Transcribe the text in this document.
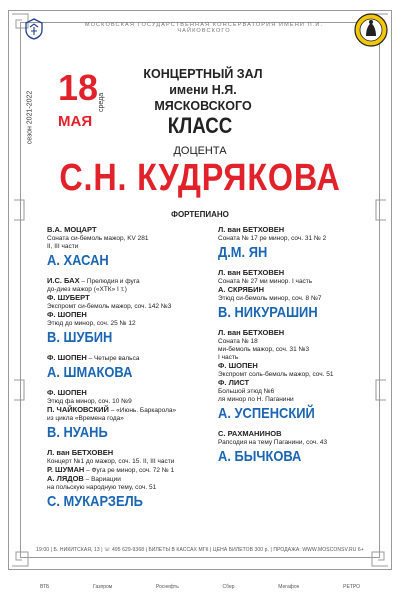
МОСКОВСКАЯ ГОСУДАРСТВЕННАЯ КОНСЕРВАТОРИЯ ИМЕНИ П.И. ЧАЙКОВСКОГО
сезон 2021-2022
18
МАЯ
среда
КОНЦЕРТНЫЙ ЗАЛ
имени Н.Я. МЯСКОВСКОГО
КЛАСС
ДОЦЕНТА
С.Н. КУДРЯКОВА
ФОРТЕПИАНО
В.А. МОЦАРТ
Соната си-бемоль мажор, KV 281
II, III части
А. ХАСАН
И.С. БАХ – Прелюдия и фуга
до-диез мажор («ХТК» I т.)
Ф. ШУБЕРТ
Экспромт си-бемоль мажор, соч. 142 №3
Ф. ШОПЕН
Этюд до минор, соч. 25 № 12
В. ШУБИН
Ф. ШОПЕН – Четыре вальса
А. ШМАКОВА
Ф. ШОПЕН
Этюд фа минор, соч. 10 №9
П. ЧАЙКОВСКИЙ – «Июнь. Баркарола»
из цикла «Времена года»
В. НУАНЬ
Л. ван БЕТХОВЕН
Концерт №1 до мажор, соч. 15. II, III части
Р. ШУМАН – Фуга ре минор, соч. 72 № 1
А. ЛЯДОВ – Вариации
на польскую народную тему, соч. 51
С. МУКАРЗЕЛЬ
Л. ван БЕТХОВЕН
Соната № 17 ре минор, соч. 31 № 2
Д.М. ЯН
Л. ван БЕТХОВЕН
Соната № 27 ми минор. I часть
А. СКРЯБИН
Этюд си-бемоль минор, соч. 8 №7
В. НИКУРАШИН
Л. ван БЕТХОВЕН
Соната № 18
ми-бемоль мажор, соч. 31 №3
I часть
Ф. ШОПЕН
Экспромт соль-бемоль мажор, соч. 51
Ф. ЛИСТ
Большой этюд №6
ля минор по Н. Паганини
А. УСПЕНСКИЙ
С. РАХМАНИНОВ
Рапсодия на тему Паганини, соч. 43
А. БЫЧКОВА
19:00 | Б. НИКИТСКАЯ, 13 | ☏ 495 629-9368 | БИЛЕТЫ В КАССАХ МГК | ЦЕНА БИЛЕТОВ 300 р. | ПРОДАЖА: WWW.MOSCONSV.RU 6+
ВТБ	Газпром	Роснефть	Сбер	Мегафон	РЕТРО
